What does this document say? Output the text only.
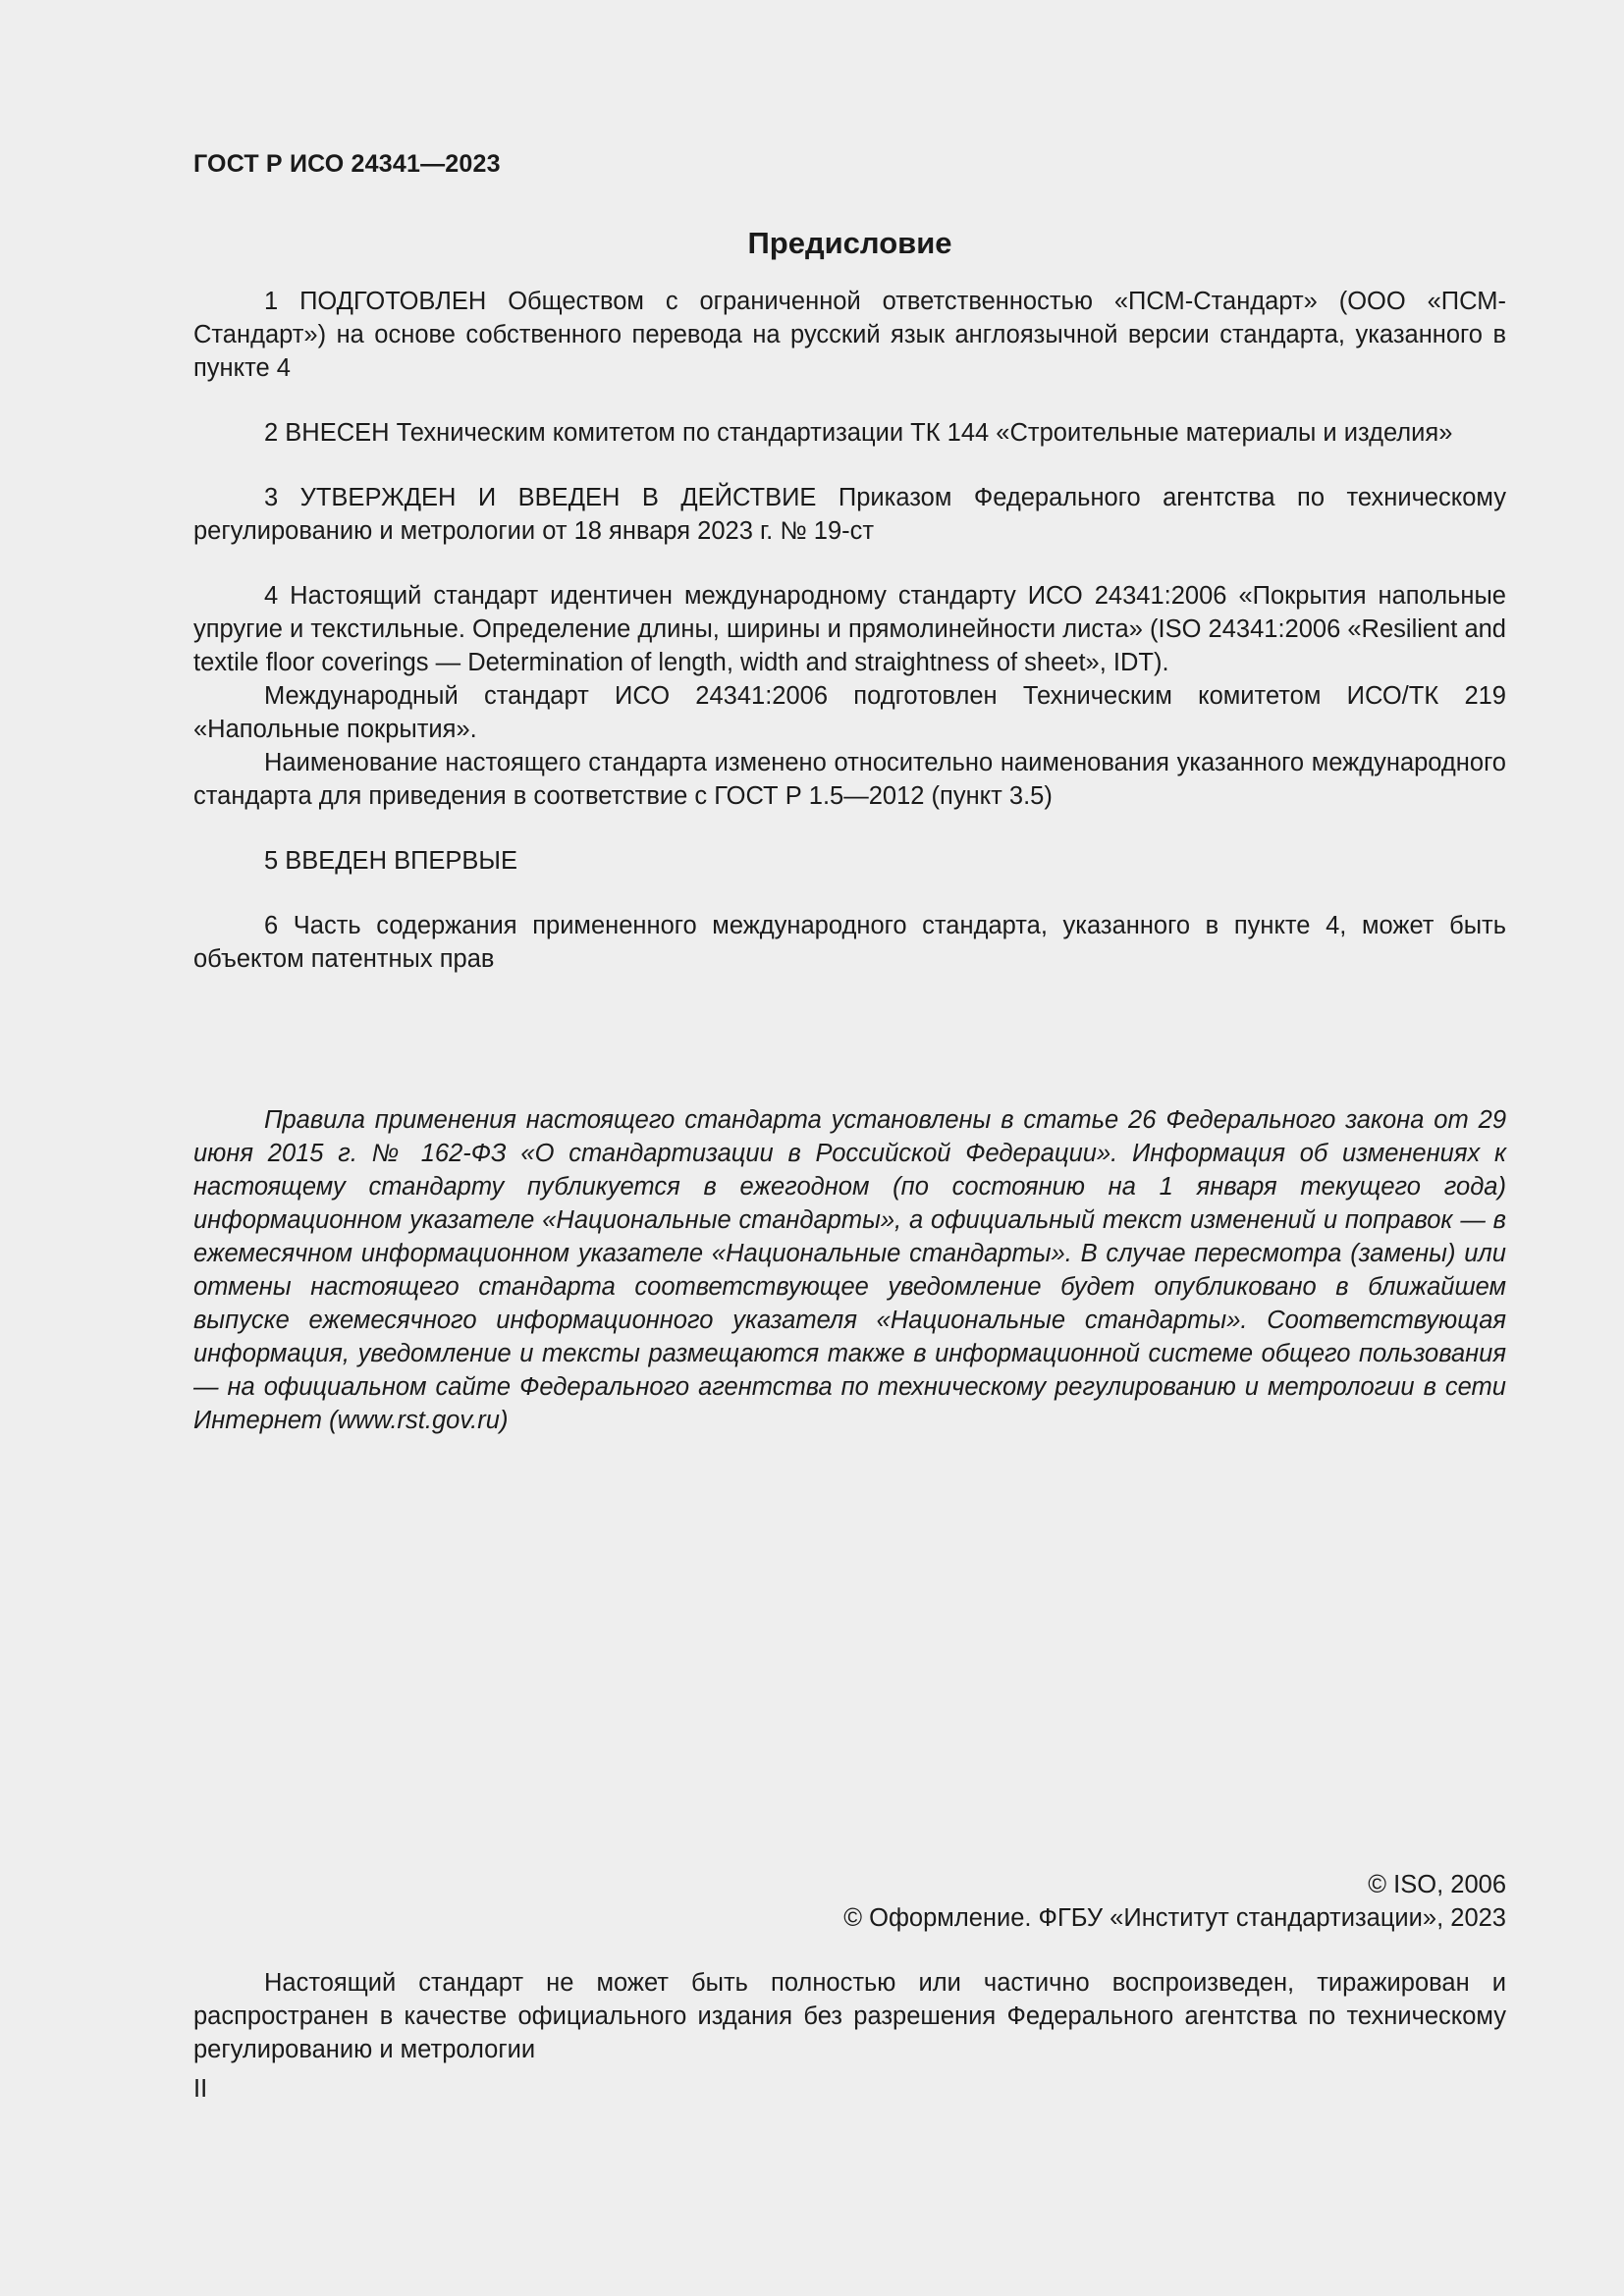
ГОСТ Р ИСО 24341—2023
Предисловие

1 ПОДГОТОВЛЕН Обществом с ограниченной ответственностью «ПСМ-Стандарт» (ООО «ПСМ-Стандарт») на основе собственного перевода на русский язык англоязычной версии стандарта, указанного в пункте 4

2 ВНЕСЕН Техническим комитетом по стандартизации ТК 144 «Строительные материалы и изделия»

3 УТВЕРЖДЕН И ВВЕДЕН В ДЕЙСТВИЕ Приказом Федерального агентства по техническому регулированию и метрологии от 18 января 2023 г. № 19-ст

4 Настоящий стандарт идентичен международному стандарту ИСО 24341:2006 «Покрытия напольные упругие и текстильные. Определение длины, ширины и прямолинейности листа» (ISO 24341:2006 «Resilient and textile floor coverings — Determination of length, width and straightness of sheet», IDT).

Международный стандарт ИСО 24341:2006 подготовлен Техническим комитетом ИСО/ТК 219 «Напольные покрытия».

Наименование настоящего стандарта изменено относительно наименования указанного международного стандарта для приведения в соответствие с ГОСТ Р 1.5—2012 (пункт 3.5)

5 ВВЕДЕН ВПЕРВЫЕ

6 Часть содержания примененного международного стандарта, указанного в пункте 4, может быть объектом патентных прав

Правила применения настоящего стандарта установлены в статье 26 Федерального закона от 29 июня 2015 г. № 162-ФЗ «О стандартизации в Российской Федерации». Информация об изменениях к настоящему стандарту публикуется в ежегодном (по состоянию на 1 января текущего года) информационном указателе «Национальные стандарты», а официальный текст изменений и поправок — в ежемесячном информационном указателе «Национальные стандарты». В случае пересмотра (замены) или отмены настоящего стандарта соответствующее уведомление будет опубликовано в ближайшем выпуске ежемесячного информационного указателя «Национальные стандарты». Соответствующая информация, уведомление и тексты размещаются также в информационной системе общего пользования — на официальном сайте Федерального агентства по техническому регулированию и метрологии в сети Интернет (www.rst.gov.ru)

© ISO, 2006
© Оформление. ФГБУ «Институт стандартизации», 2023

Настоящий стандарт не может быть полностью или частично воспроизведен, тиражирован и распространен в качестве официального издания без разрешения Федерального агентства по техническому регулированию и метрологии

II
